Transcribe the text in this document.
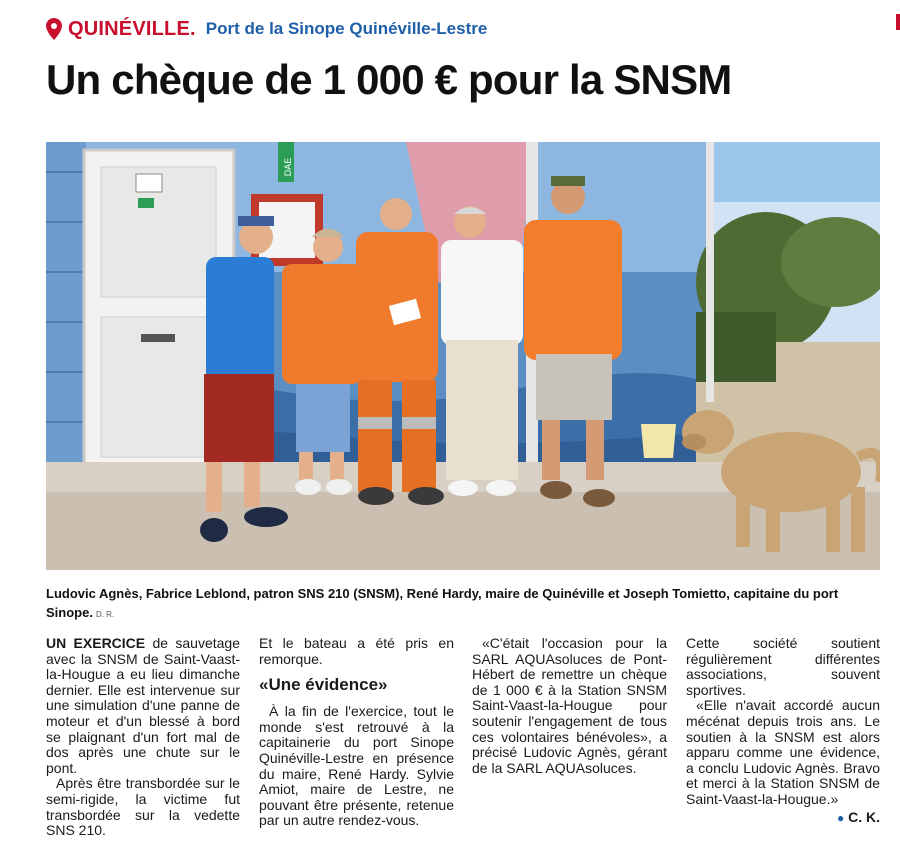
QUINÉVILLE. Port de la Sinope Quinéville-Lestre
Un chèque de 1 000 € pour la SNSM
DAE
Ludovic Agnès, Fabrice Leblond, patron SNS 210 (SNSM), René Hardy, maire de Quinéville et Joseph Tomietto, capitaine du port Sinope. D. R.

UN EXERCICE de sauvetage avec la SNSM de Saint-Vaast-la-Hougue a eu lieu dimanche dernier. Elle est intervenue sur une simulation d'une panne de moteur et d'un blessé à bord se plaignant d'un fort mal de dos après une chute sur le pont.

Après être transbordée sur le semi-rigide, la victime fut transbordée sur la vedette SNS 210.

Et le bateau a été pris en remorque.

«Une évidence»

À la fin de l'exercice, tout le monde s'est retrouvé à la capitainerie du port Sinope Quinéville-Lestre en présence du maire, René Hardy. Sylvie Amiot, maire de Lestre, ne pouvant être présente, retenue par un autre rendez-vous.

«C'était l'occasion pour la SARL AQUAsoluces de Pont-Hébert de remettre un chèque de 1 000 € à la Station SNSM Saint-Vaast-la-Hougue pour soutenir l'engagement de tous ces volontaires bénévoles», a précisé Ludovic Agnès, gérant de la SARL AQUAsoluces.

Cette société soutient régulièrement différentes associations, souvent sportives.

«Elle n'avait accordé aucun mécénat depuis trois ans. Le soutien à la SNSM est alors apparu comme une évidence, a conclu Ludovic Agnès. Bravo et merci à la Station SNSM de Saint-Vaast-la-Hougue.»

● C. K.
